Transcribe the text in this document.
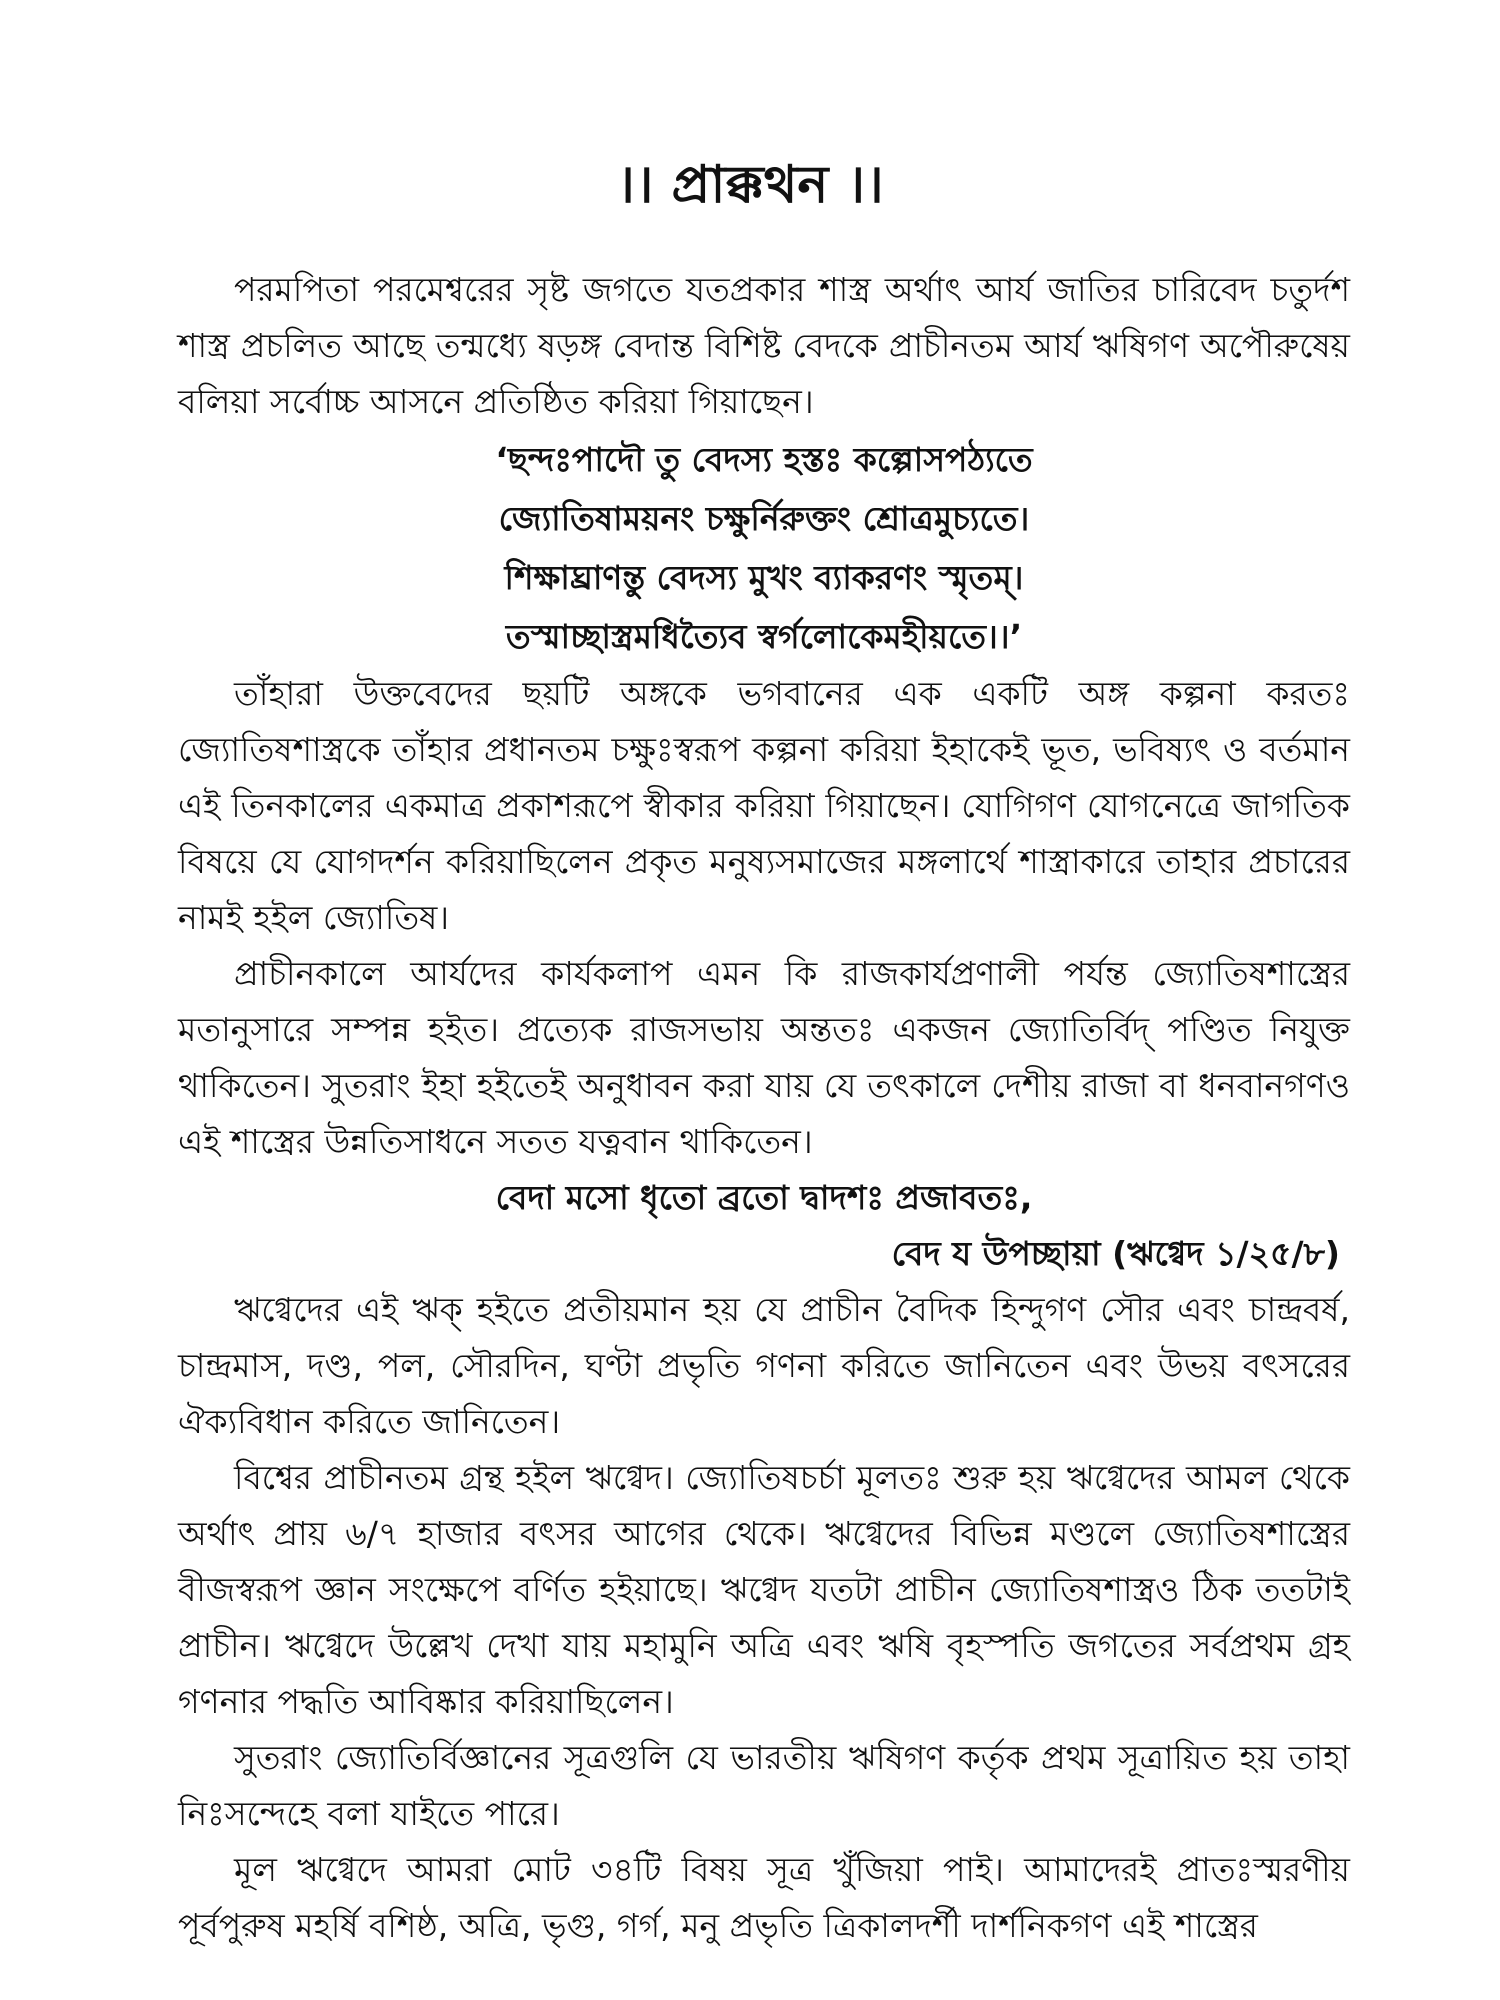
।। প্রাক্কথন ।।

পরমপিতা পরমেশ্বরের সৃষ্ট জগতে যতপ্রকার শাস্ত্র অর্থাৎ আর্য জাতির চারিবেদ চতুর্দশ শাস্ত্র প্রচলিত আছে তন্মধ্যে ষড়ঙ্গ বেদান্ত বিশিষ্ট বেদকে প্রাচীনতম আর্য ঋষিগণ অপৌরুষেয় বলিয়া সর্বোচ্চ আসনে প্রতিষ্ঠিত করিয়া গিয়াছেন।

‘ছন্দঃপাদৌ তু বেদস্য হস্তঃ কল্পোসপঠ্যতে
জ্যোতিষাময়নং চক্ষুর্নিরুক্তং শ্রোত্রমুচ্যতে।
শিক্ষাঘ্রাণন্তু বেদস্য মুখং ব্যাকরণং স্মৃতম্।
তস্মাচ্ছাস্ত্রমধিত্যৈব স্বর্গলোকেমহীয়তে।।’

তাঁহারা উক্তবেদের ছয়টি অঙ্গকে ভগবানের এক একটি অঙ্গ কল্পনা করতঃ জ্যোতিষশাস্ত্রকে তাঁহার প্রধানতম চক্ষুঃস্বরূপ কল্পনা করিয়া ইহাকেই ভূত, ভবিষ্যৎ ও বর্তমান এই তিনকালের একমাত্র প্রকাশরূপে স্বীকার করিয়া গিয়াছেন। যোগিগণ যোগনেত্রে জাগতিক বিষয়ে যে যোগদর্শন করিয়াছিলেন প্রকৃত মনুষ্যসমাজের মঙ্গলার্থে শাস্ত্রাকারে তাহার প্রচারের নামই হইল জ্যোতিষ।

প্রাচীনকালে আর্যদের কার্যকলাপ এমন কি রাজকার্যপ্রণালী পর্যন্ত জ্যোতিষশাস্ত্রের মতানুসারে সম্পন্ন হইত। প্রত্যেক রাজসভায় অন্ততঃ একজন জ্যোতির্বিদ্ পণ্ডিত নিযুক্ত থাকিতেন। সুতরাং ইহা হইতেই অনুধাবন করা যায় যে তৎকালে দেশীয় রাজা বা ধনবানগণও এই শাস্ত্রের উন্নতিসাধনে সতত যত্নবান থাকিতেন।

বেদা মসো ধৃতো ব্রতো দ্বাদশঃ প্রজাবতঃ,
বেদ য উপচ্ছায়া (ঋগ্বেদ ১/২৫/৮)

ঋগ্বেদের এই ঋক্ হইতে প্রতীয়মান হয় যে প্রাচীন বৈদিক হিন্দুগণ সৌর এবং চান্দ্রবর্ষ, চান্দ্রমাস, দণ্ড, পল, সৌরদিন, ঘণ্টা প্রভৃতি গণনা করিতে জানিতেন এবং উভয় বৎসরের ঐক্যবিধান করিতে জানিতেন।

বিশ্বের প্রাচীনতম গ্রন্থ হইল ঋগ্বেদ। জ্যোতিষচর্চা মূলতঃ শুরু হয় ঋগ্বেদের আমল থেকে অর্থাৎ প্রায় ৬/৭ হাজার বৎসর আগের থেকে। ঋগ্বেদের বিভিন্ন মণ্ডলে জ্যোতিষশাস্ত্রের বীজস্বরূপ জ্ঞান সংক্ষেপে বর্ণিত হইয়াছে। ঋগ্বেদ যতটা প্রাচীন জ্যোতিষশাস্ত্রও ঠিক ততটাই প্রাচীন। ঋগ্বেদে উল্লেখ দেখা যায় মহামুনি অত্রি এবং ঋষি বৃহস্পতি জগতের সর্বপ্রথম গ্রহ গণনার পদ্ধতি আবিষ্কার করিয়াছিলেন।

সুতরাং জ্যোতির্বিজ্ঞানের সূত্রগুলি যে ভারতীয় ঋষিগণ কর্তৃক প্রথম সূত্রায়িত হয় তাহা নিঃসন্দেহে বলা যাইতে পারে।

মূল ঋগ্বেদে আমরা মোট ৩৪টি বিষয় সূত্র খুঁজিয়া পাই। আমাদেরই প্রাতঃস্মরণীয় পূর্বপুরুষ মহর্ষি বশিষ্ঠ, অত্রি, ভৃগু, গর্গ, মনু প্রভৃতি ত্রিকালদর্শী দার্শনিকগণ এই শাস্ত্রের
